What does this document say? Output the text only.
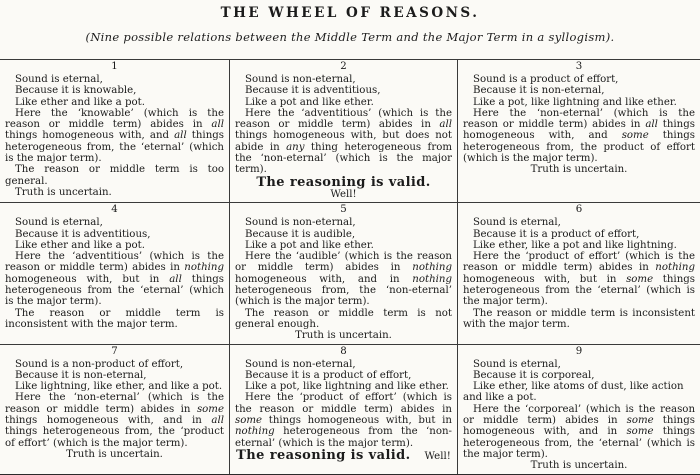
THE WHEEL OF REASONS.
(Nine possible relations between the Middle Term and the Major Term in a syllogism).
1
Sound is eternal,
Because it is knowable,
Like ether and like a pot.
Here the ‘knowable’ (which is the reason or middle term) abides in all things homogeneous with, and all things heterogeneous from, the ‘eternal’ (which is the major term).
The reason or middle term is too general.
Truth is uncertain.
2
Sound is non-eternal,
Because it is adventitious,
Like a pot and like ether.
Here the ‘adventitious’ (which is the reason or middle term) abides in all things homogeneous with, but does not abide in any thing heterogeneous from the ‘non-eternal’ (which is the major term).
The reasoning is valid.
Well!
3
Sound is a product of effort,
Because it is non-eternal,
Like a pot, like lightning and like ether.
Here the ‘non-eternal’ (which is the reason or middle term) abides in all things homogeneous with, and some things heterogeneous from, the product of effort (which is the major term).
Truth is uncertain.
4
Sound is eternal,
Because it is adventitious,
Like ether and like a pot.
Here the ‘adventitious’ (which is the reason or middle term) abides in nothing homogeneous with, but in all things heterogeneous from the ‘eternal’ (which is the major term).
The reason or middle term is inconsistent with the major term.
5
Sound is non-eternal,
Because it is audible,
Like a pot and like ether.
Here the ‘audible’ (which is the reason or middle term) abides in nothing homogeneous with, and in nothing heterogeneous from, the ‘non-eternal’ (which is the major term).
The reason or middle term is not general enough.
Truth is uncertain.
6
Sound is eternal,
Because it is a product of effort,
Like ether, like a pot and like lightning.
Here the ‘product of effort’ (which is the reason or middle term) abides in nothing homogeneous with, but in some things heterogeneous from the ‘eternal’ (which is the major term).
The reason or middle term is inconsistent with the major term.
7
Sound is a non-product of effort,
Because it is non-eternal,
Like lightning, like ether, and like a pot.
Here the ‘non-eternal’ (which is the reason or middle term) abides in some things homogeneous with, and in all things heterogeneous from, the ‘product of effort’ (which is the major term).
Truth is uncertain.
8
Sound is non-eternal,
Because it is a product of effort,
Like a pot, like lightning and like ether.
Here the ‘product of effort’ (which is the reason or middle term) abides in some things homogeneous with, but in nothing heterogeneous from the ‘non-eternal’ (which is the major term).
The reasoning is valid. Well!
9
Sound is eternal,
Because it is corporeal,
Like ether, like atoms of dust, like action and like a pot.
Here the ‘corporeal’ (which is the reason or middle term) abides in some things homogeneous with, and in some things heterogeneous from, the ‘eternal’ (which is the major term).
Truth is uncertain.
